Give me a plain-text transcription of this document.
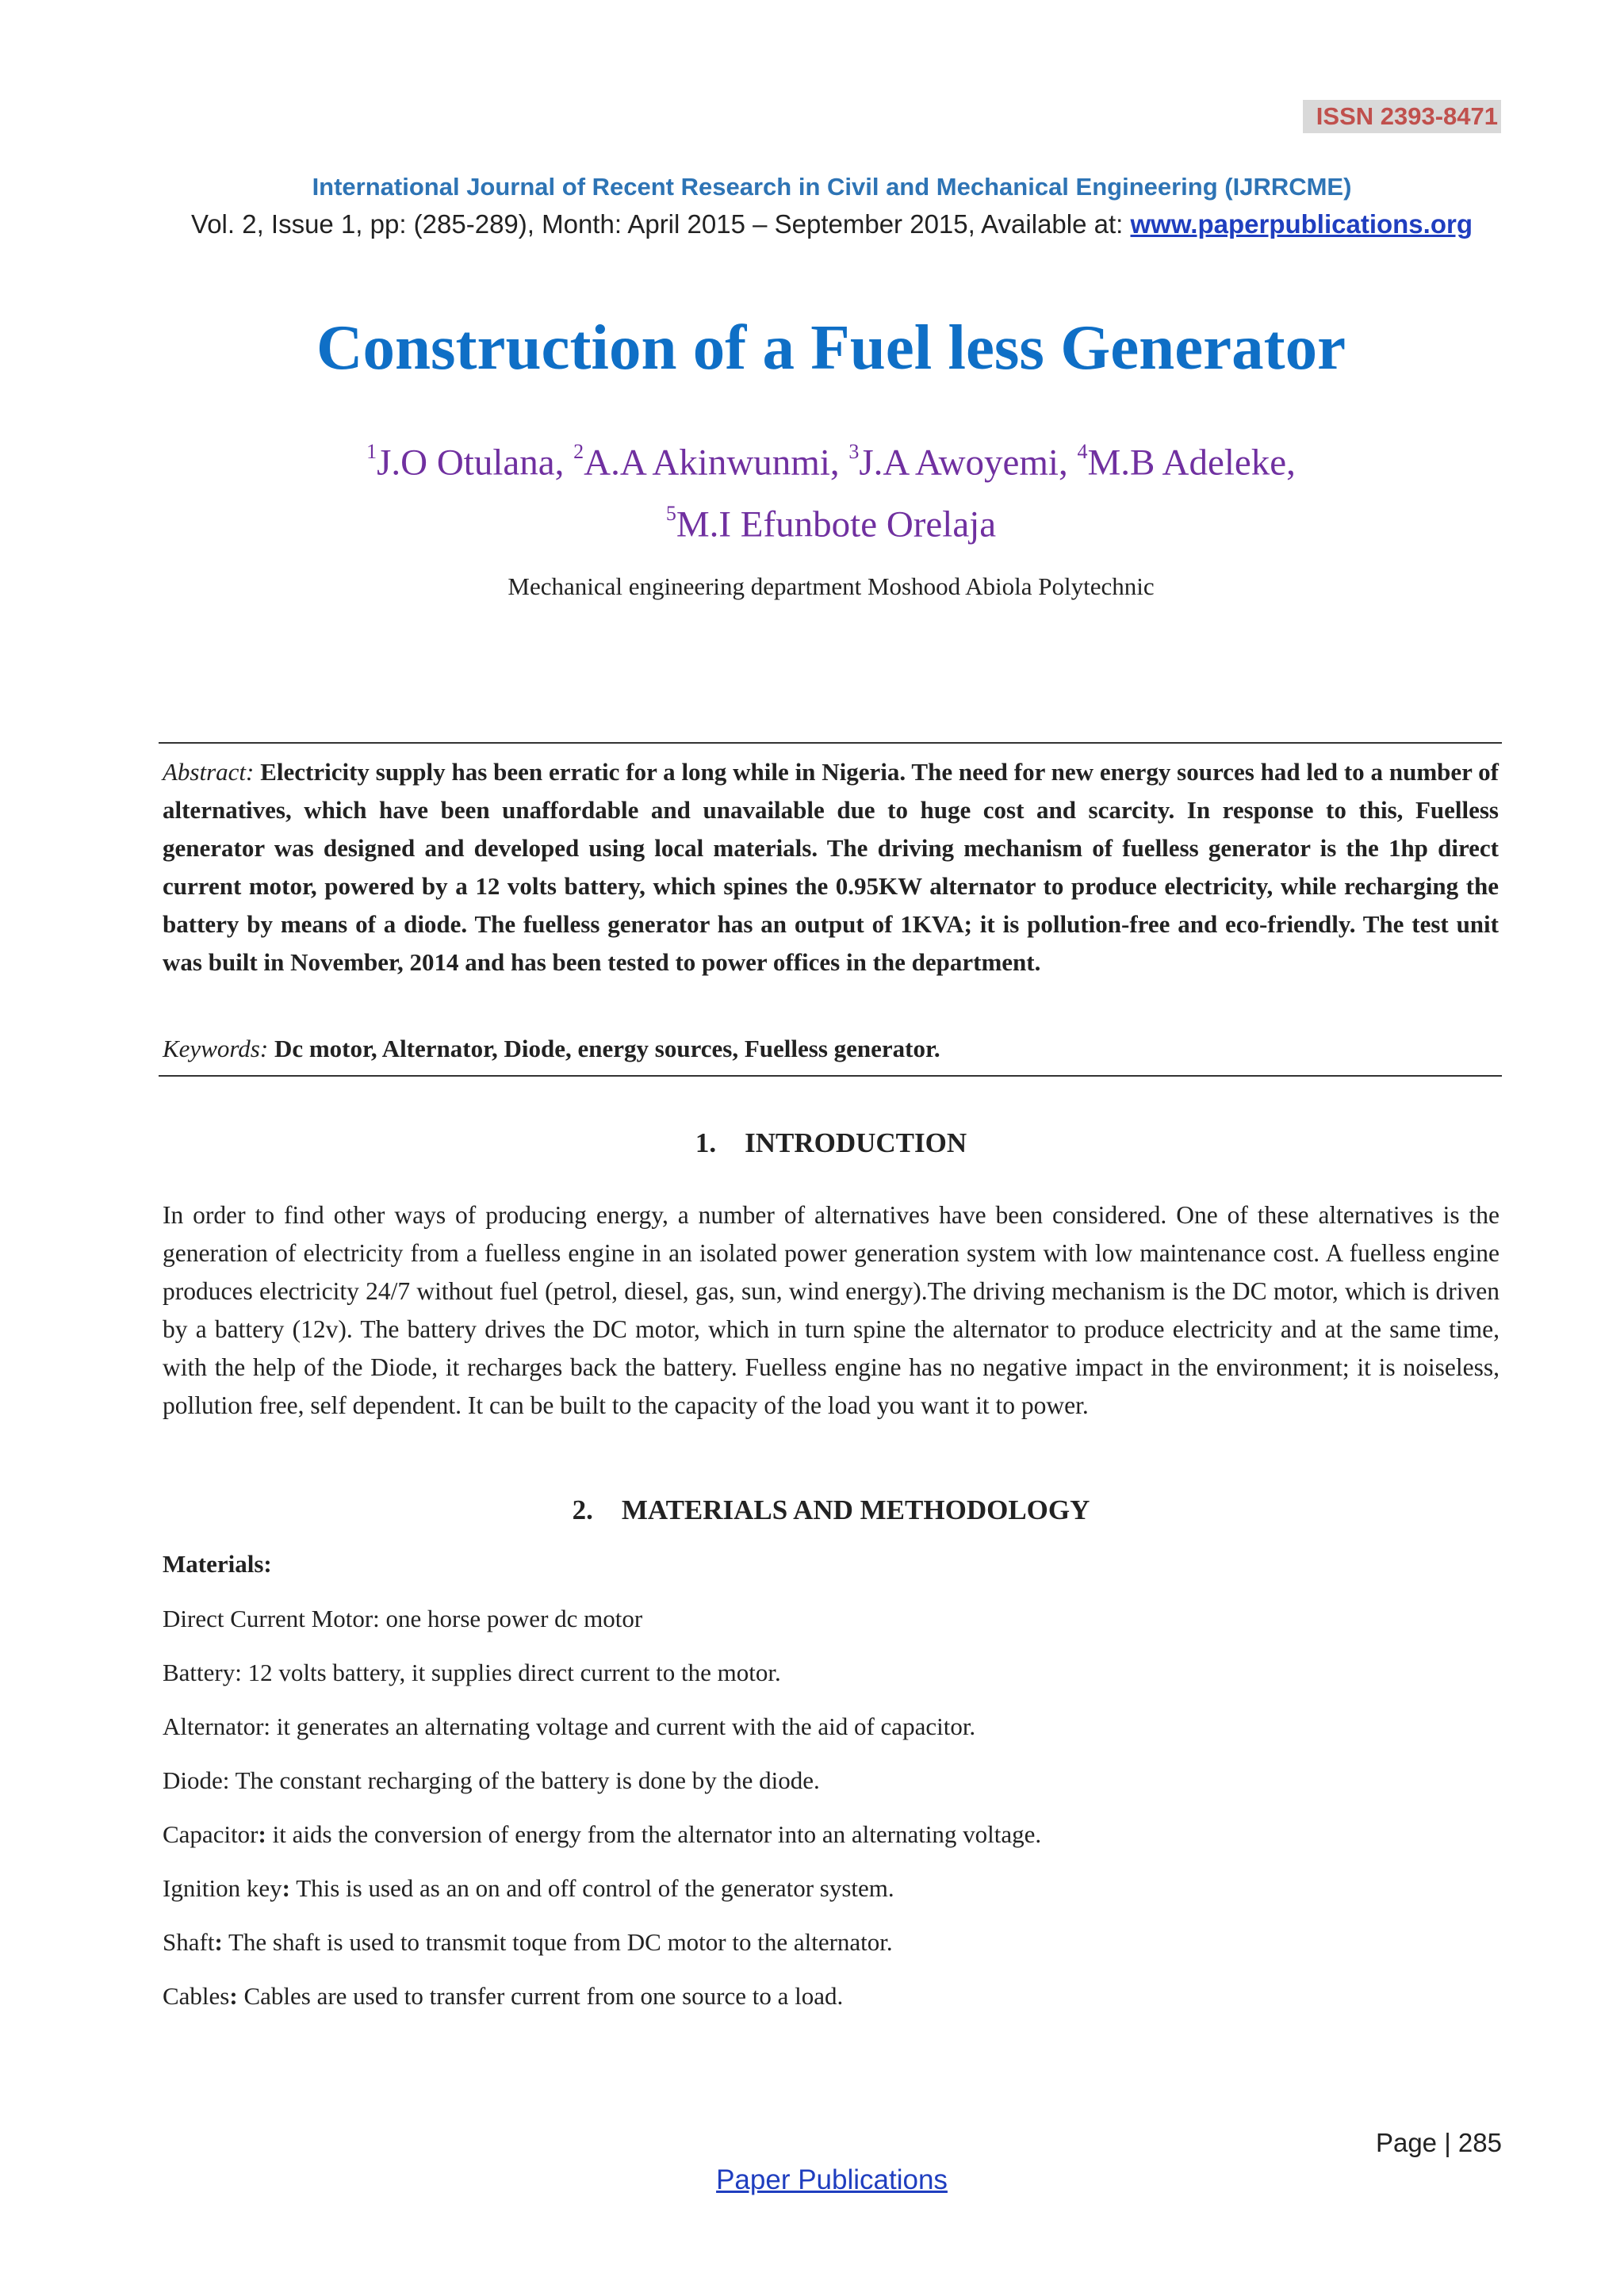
ISSN 2393-8471
International Journal of Recent Research in Civil and Mechanical Engineering (IJRRCME)
Vol. 2, Issue 1, pp: (285-289), Month: April 2015 – September 2015, Available at: www.paperpublications.org
Construction of a Fuel less Generator
$^1$J.O Otulana, $^2$A.A Akinwunmi, $^3$J.A Awoyemi, $^4$M.B Adeleke,
$^5$M.I Efunbote Orelaja
Mechanical engineering department Moshood Abiola Polytechnic
Abstract: Electricity supply has been erratic for a long while in Nigeria. The need for new energy sources had led to a number of alternatives, which have been unaffordable and unavailable due to huge cost and scarcity. In response to this, Fuelless generator was designed and developed using local materials. The driving mechanism of fuelless generator is the 1hp direct current motor, powered by a 12 volts battery, which spines the 0.95KW alternator to produce electricity, while recharging the battery by means of a diode. The fuelless generator has an output of 1KVA; it is pollution-free and eco-friendly. The test unit was built in November, 2014 and has been tested to power offices in the department.
Keywords: Dc motor, Alternator, Diode, energy sources, Fuelless generator.
1. INTRODUCTION
In order to find other ways of producing energy, a number of alternatives have been considered. One of these alternatives is the generation of electricity from a fuelless engine in an isolated power generation system with low maintenance cost. A fuelless engine produces electricity 24/7 without fuel (petrol, diesel, gas, sun, wind energy).The driving mechanism is the DC motor, which is driven by a battery (12v). The battery drives the DC motor, which in turn spine the alternator to produce electricity and at the same time, with the help of the Diode, it recharges back the battery. Fuelless engine has no negative impact in the environment; it is noiseless, pollution free, self dependent. It can be built to the capacity of the load you want it to power.
2. MATERIALS AND METHODOLOGY
Materials:
Direct Current Motor: one horse power dc motor
Battery: 12 volts battery, it supplies direct current to the motor.
Alternator: it generates an alternating voltage and current with the aid of capacitor.
Diode: The constant recharging of the battery is done by the diode.
Capacitor: it aids the conversion of energy from the alternator into an alternating voltage.
Ignition key: This is used as an on and off control of the generator system.
Shaft: The shaft is used to transmit toque from DC motor to the alternator.
Cables: Cables are used to transfer current from one source to a load.
Page | 285
Paper Publications
